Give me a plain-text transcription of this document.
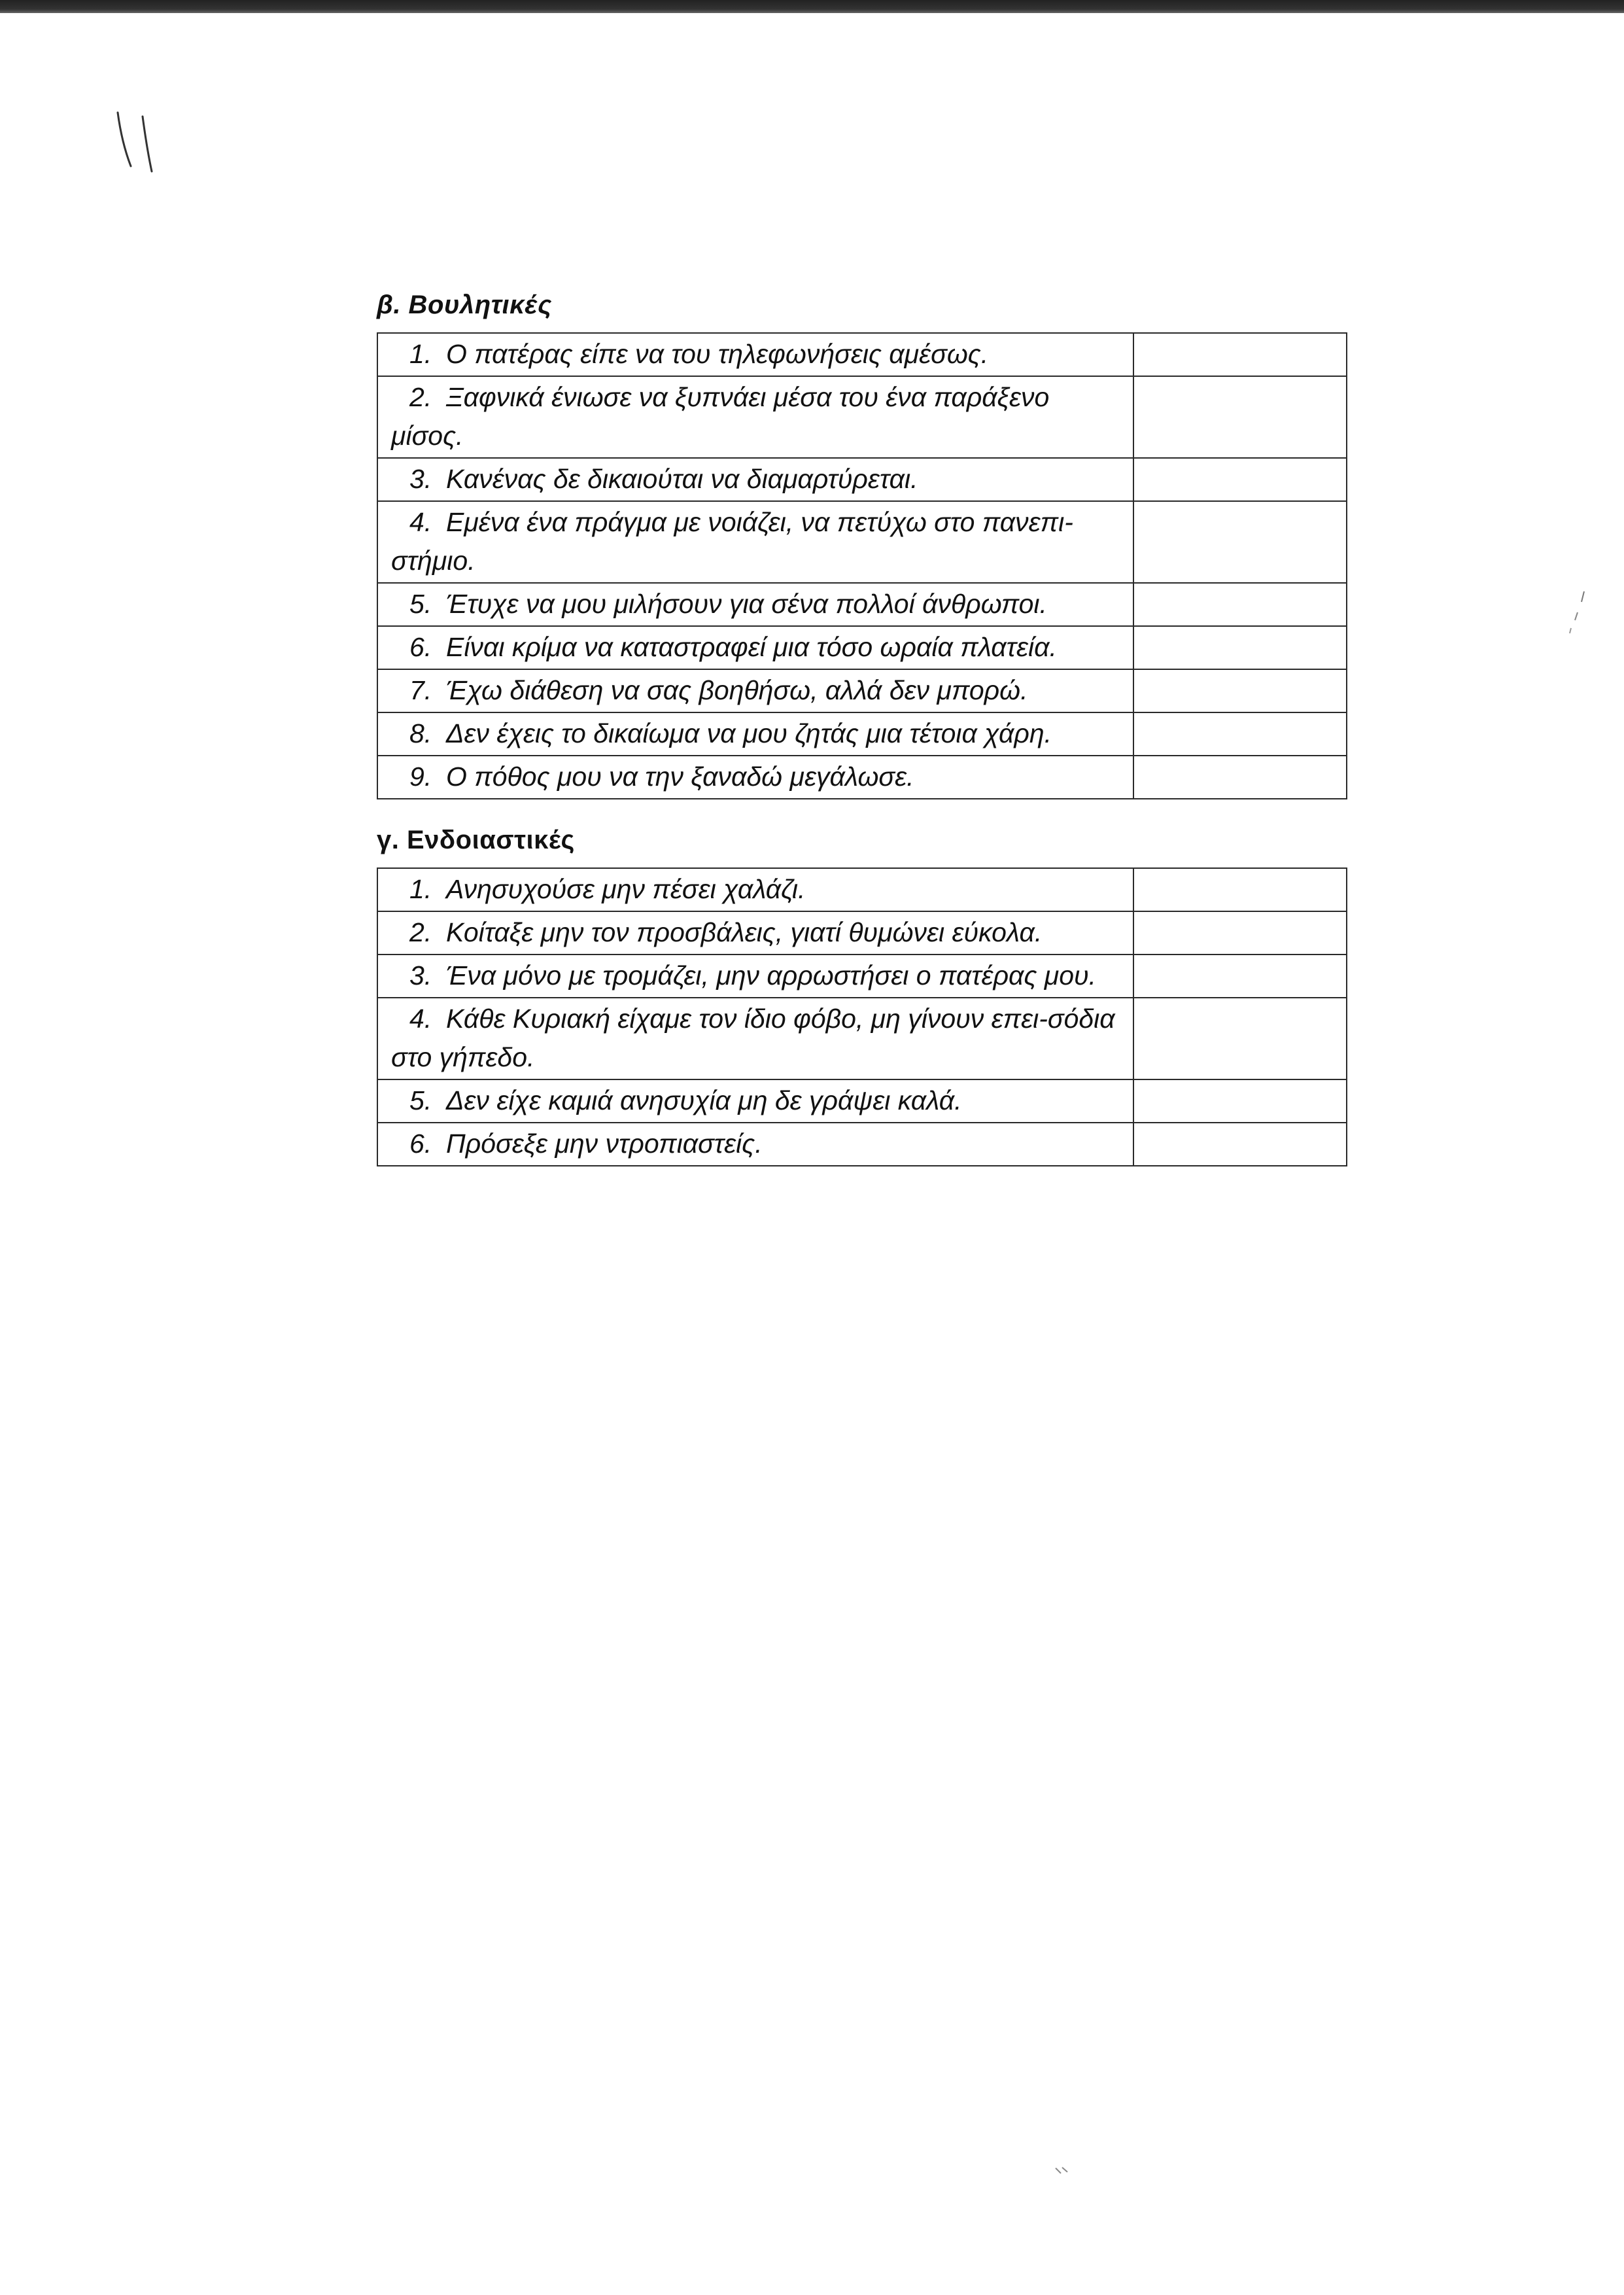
β. Βουλητικές
1. Ο πατέρας είπε να του τηλεφωνήσεις αμέσως.	
2. Ξαφνικά ένιωσε να ξυπνάει μέσα του ένα παράξενο μίσος.	
3. Κανένας δε δικαιούται να διαμαρτύρεται.	
4. Εμένα ένα πράγμα με νοιάζει, να πετύχω στο πανεπι-στήμιο.	
5. Έτυχε να μου μιλήσουν για σένα πολλοί άνθρωποι.	
6. Είναι κρίμα να καταστραφεί μια τόσο ωραία πλατεία.	
7. Έχω διάθεση να σας βοηθήσω, αλλά δεν μπορώ.	
8. Δεν έχεις το δικαίωμα να μου ζητάς μια τέτοια χάρη.	
9. Ο πόθος μου να την ξαναδώ μεγάλωσε.	
γ. Ενδοιαστικές
1. Ανησυχούσε μην πέσει χαλάζι.	
2. Κοίταξε μην τον προσβάλεις, γιατί θυμώνει εύκολα.	
3. Ένα μόνο με τρομάζει, μην αρρωστήσει ο πατέρας μου.	
4. Κάθε Κυριακή είχαμε τον ίδιο φόβο, μη γίνουν επει-σόδια στο γήπεδο.	
5. Δεν είχε καμιά ανησυχία μη δε γράψει καλά.	
6. Πρόσεξε μην ντροπιαστείς.	
